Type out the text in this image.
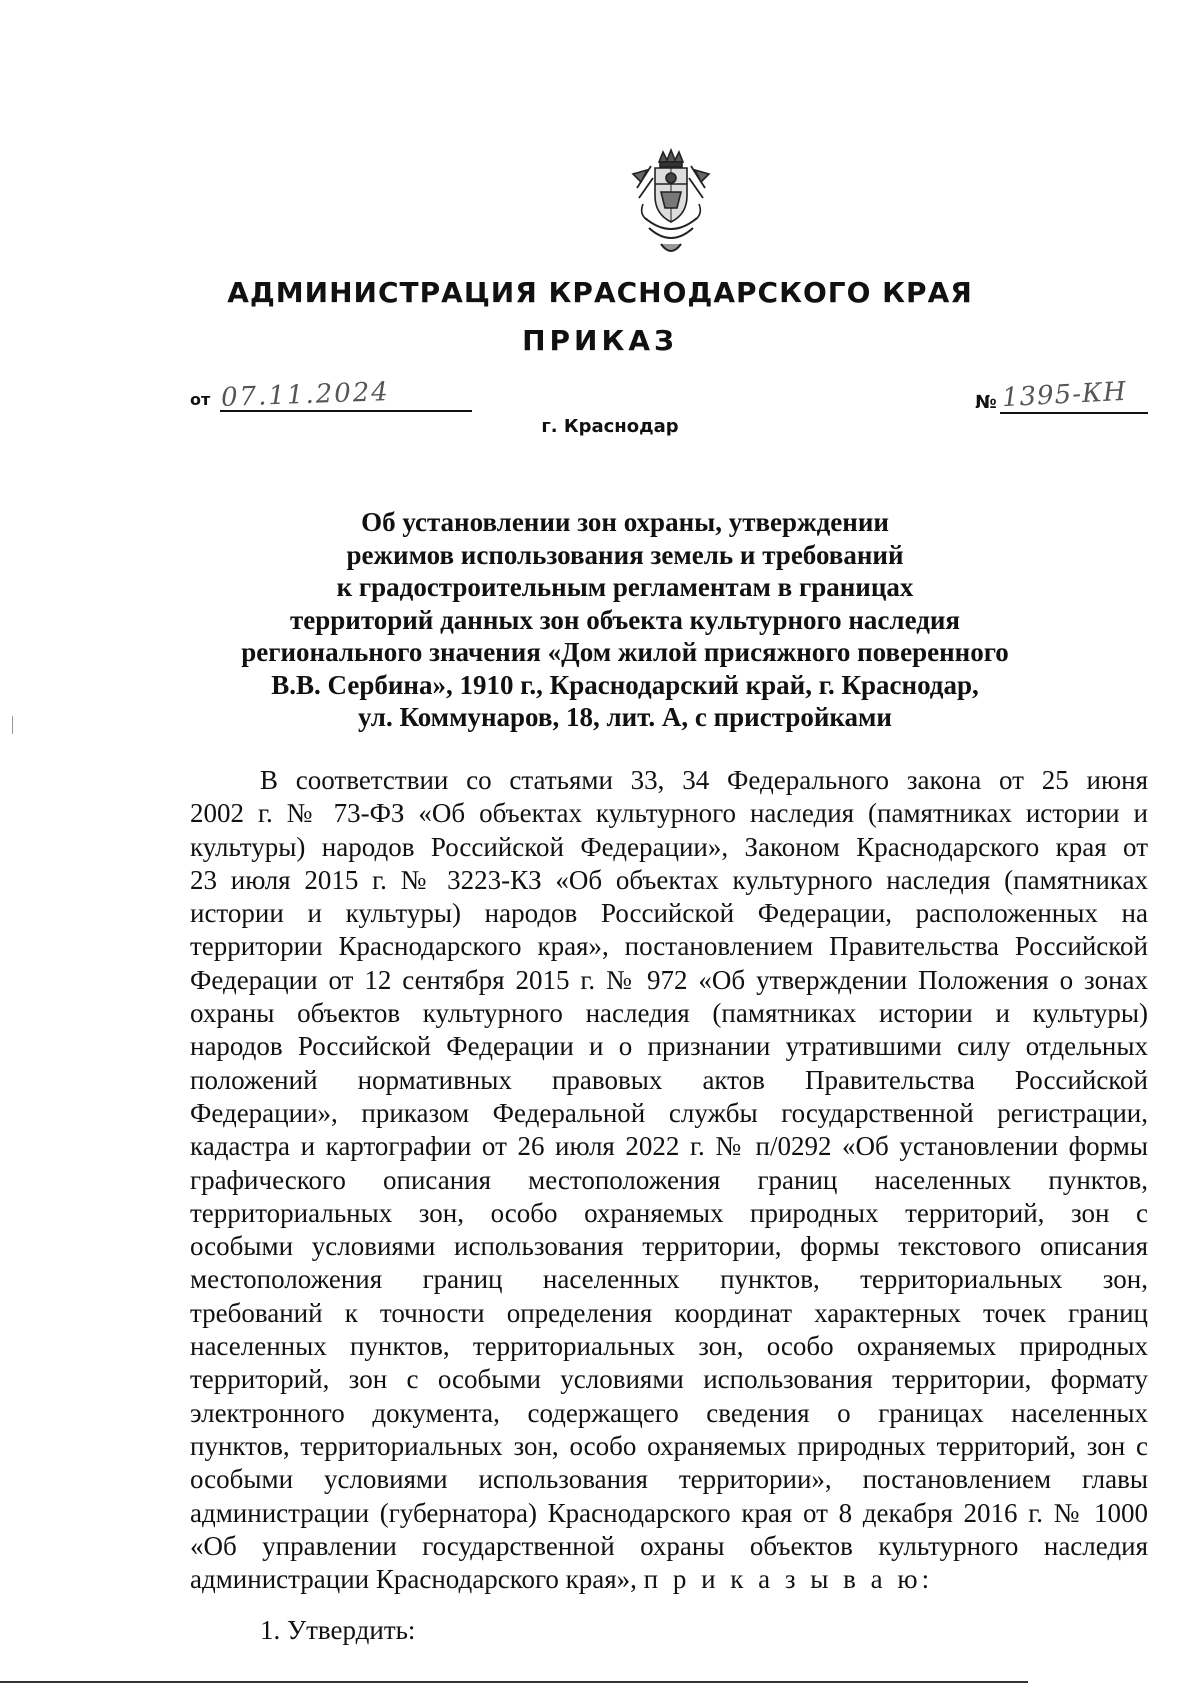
АДМИНИСТРАЦИЯ КРАСНОДАРСКОГО КРАЯ
ПРИКАЗ
от 07.11.2024	№ 1395-КН
г. Краснодар
Об установлении зон охраны, утверждении
режимов использования земель и требований
к градостроительным регламентам в границах
территорий данных зон объекта культурного наследия
регионального значения «Дом жилой присяжного поверенного
В.В. Сербина», 1910 г., Краснодарский край, г. Краснодар,
ул. Коммунаров, 18, лит. А, с пристройками
В соответствии со статьями 33, 34 Федерального закона от 25 июня
2002 г. № 73-ФЗ «Об объектах культурного наследия (памятниках истории и
культуры) народов Российской Федерации», Законом Краснодарского края от
23 июля 2015 г. № 3223-КЗ «Об объектах культурного наследия (памятниках
истории и культуры) народов Российской Федерации, расположенных на
территории Краснодарского края», постановлением Правительства Российской
Федерации от 12 сентября 2015 г. № 972 «Об утверждении Положения о зонах
охраны объектов культурного наследия (памятниках истории и культуры)
народов Российской Федерации и о признании утратившими силу отдельных
положений нормативных правовых актов Правительства Российской
Федерации», приказом Федеральной службы государственной регистрации,
кадастра и картографии от 26 июля 2022 г. № п/0292 «Об установлении формы
графического описания местоположения границ населенных пунктов,
территориальных зон, особо охраняемых природных территорий, зон с
особыми условиями использования территории, формы текстового описания
местоположения границ населенных пунктов, территориальных зон,
требований к точности определения координат характерных точек границ
населенных пунктов, территориальных зон, особо охраняемых природных
территорий, зон с особыми условиями использования территории, формату
электронного документа, содержащего сведения о границах населенных
пунктов, территориальных зон, особо охраняемых природных территорий, зон с
особыми условиями использования территории», постановлением главы
администрации (губернатора) Краснодарского края от 8 декабря 2016 г. № 1000
«Об управлении государственной охраны объектов культурного наследия
администрации Краснодарского края», п р и к а з ы в а ю:
1. Утвердить:
